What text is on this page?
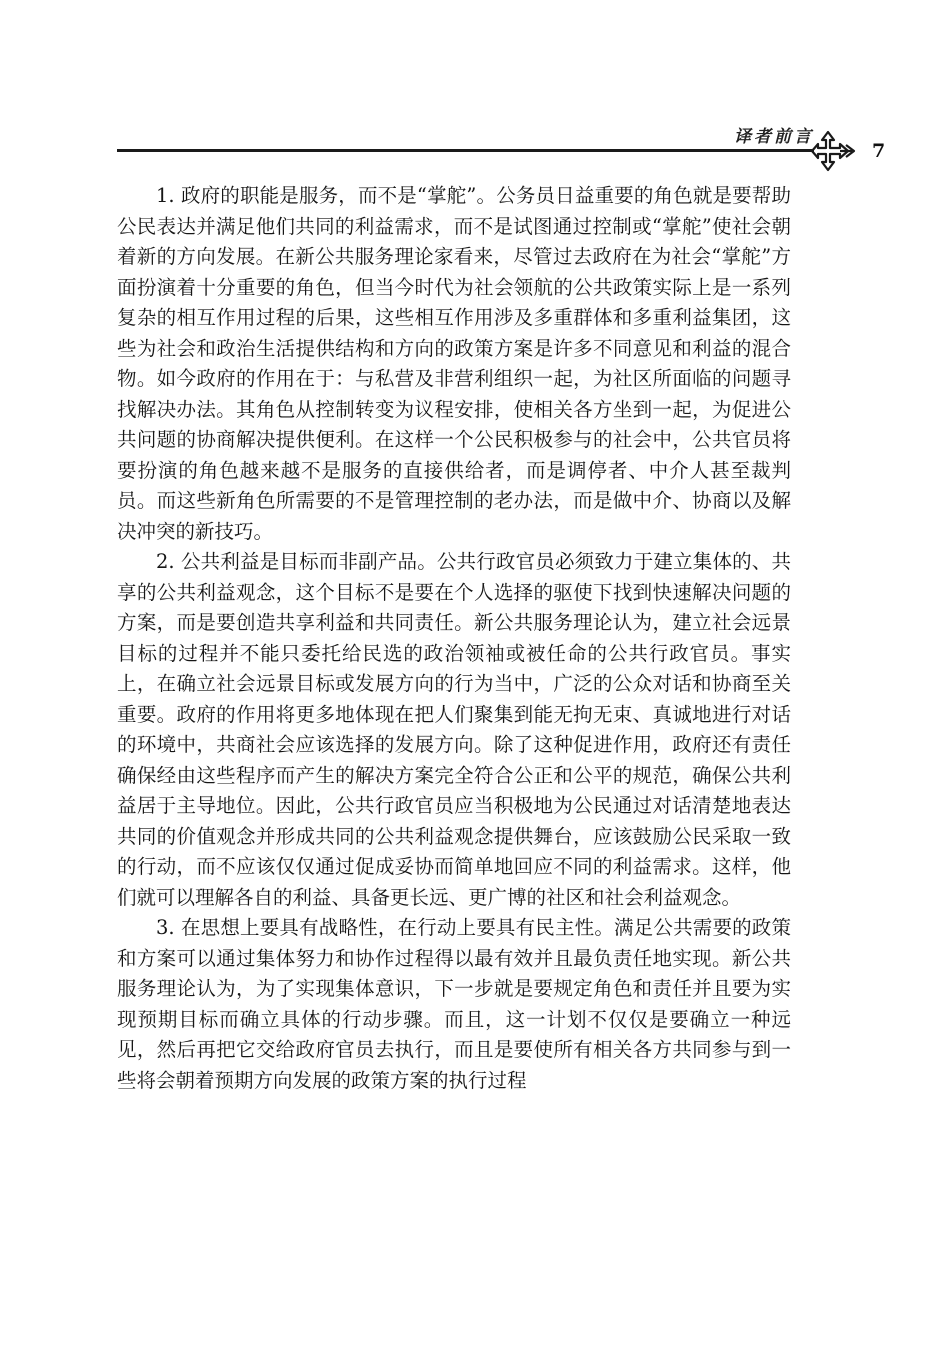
译者前言
7

1. 政府的职能是服务，而不是“掌舵”。公务员日益重要的角色就是要帮助公民表达并满足他们共同的利益需求，而不是试图通过控制或“掌舵”使社会朝着新的方向发展。在新公共服务理论家看来，尽管过去政府在为社会“掌舵”方面扮演着十分重要的角色，但当今时代为社会领航的公共政策实际上是一系列复杂的相互作用过程的后果，这些相互作用涉及多重群体和多重利益集团，这些为社会和政治生活提供结构和方向的政策方案是许多不同意见和利益的混合物。如今政府的作用在于：与私营及非营利组织一起，为社区所面临的问题寻找解决办法。其角色从控制转变为议程安排，使相关各方坐到一起，为促进公共问题的协商解决提供便利。在这样一个公民积极参与的社会中，公共官员将要扮演的角色越来越不是服务的直接供给者，而是调停者、中介人甚至裁判员。而这些新角色所需要的不是管理控制的老办法，而是做中介、协商以及解决冲突的新技巧。

2. 公共利益是目标而非副产品。公共行政官员必须致力于建立集体的、共享的公共利益观念，这个目标不是要在个人选择的驱使下找到快速解决问题的方案，而是要创造共享利益和共同责任。新公共服务理论认为，建立社会远景目标的过程并不能只委托给民选的政治领袖或被任命的公共行政官员。事实上，在确立社会远景目标或发展方向的行为当中，广泛的公众对话和协商至关重要。政府的作用将更多地体现在把人们聚集到能无拘无束、真诚地进行对话的环境中，共商社会应该选择的发展方向。除了这种促进作用，政府还有责任确保经由这些程序而产生的解决方案完全符合公正和公平的规范，确保公共利益居于主导地位。因此，公共行政官员应当积极地为公民通过对话清楚地表达共同的价值观念并形成共同的公共利益观念提供舞台，应该鼓励公民采取一致的行动，而不应该仅仅通过促成妥协而简单地回应不同的利益需求。这样，他们就可以理解各自的利益、具备更长远、更广博的社区和社会利益观念。

3. 在思想上要具有战略性，在行动上要具有民主性。满足公共需要的政策和方案可以通过集体努力和协作过程得以最有效并且最负责任地实现。新公共服务理论认为，为了实现集体意识，下一步就是要规定角色和责任并且要为实现预期目标而确立具体的行动步骤。而且，这一计划不仅仅是要确立一种远见，然后再把它交给政府官员去执行，而且是要使所有相关各方共同参与到一些将会朝着预期方向发展的政策方案的执行过程
